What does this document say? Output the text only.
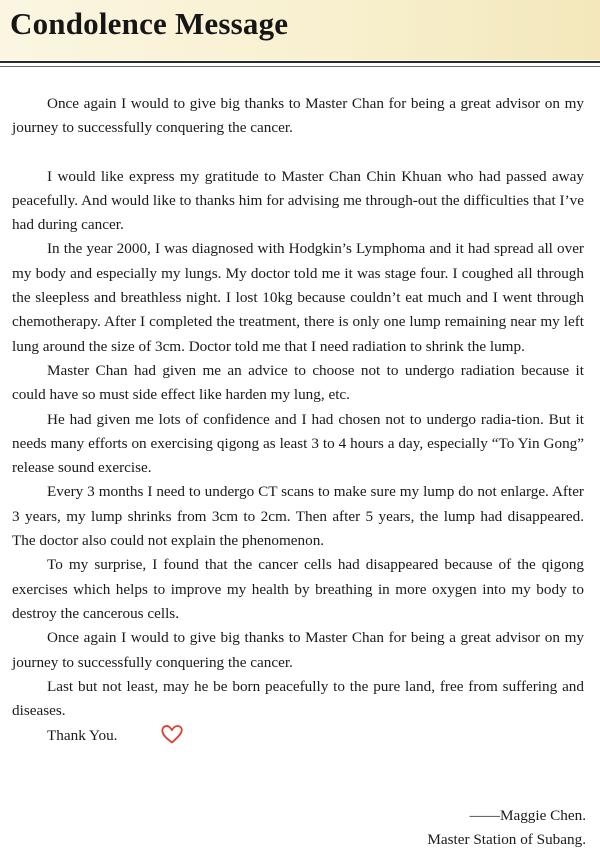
Condolence Message

Once again I would to give big thanks to Master Chan for being a great advisor on my journey to successfully conquering the cancer.

I would like express my gratitude to Master Chan Chin Khuan who had passed away peacefully. And would like to thanks him for advising me through-out the difficulties that I’ve had during cancer.

In the year 2000, I was diagnosed with Hodgkin’s Lymphoma and it had spread all over my body and especially my lungs. My doctor told me it was stage four. I coughed all through the sleepless and breathless night. I lost 10kg because couldn’t eat much and I went through chemotherapy. After I completed the treatment, there is only one lump remaining near my left lung around the size of 3cm. Doctor told me that I need radiation to shrink the lump.

Master Chan had given me an advice to choose not to undergo radiation because it could have so must side effect like harden my lung, etc.

He had given me lots of confidence and I had chosen not to undergo radia-tion. But it needs many efforts on exercising qigong as least 3 to 4 hours a day, especially “To Yin Gong” release sound exercise.

Every 3 months I need to undergo CT scans to make sure my lump do not enlarge. After 3 years, my lump shrinks from 3cm to 2cm. Then after 5 years, the lump had disappeared. The doctor also could not explain the phenomenon.

To my surprise, I found that the cancer cells had disappeared because of the qigong exercises which helps to improve my health by breathing in more oxygen into my body to destroy the cancerous cells.

Once again I would to give big thanks to Master Chan for being a great advisor on my journey to successfully conquering the cancer.

Last but not least, may he be born peacefully to the pure land, free from suffering and diseases.

Thank You.

——Maggie Chen.

Master Station of Subang.
